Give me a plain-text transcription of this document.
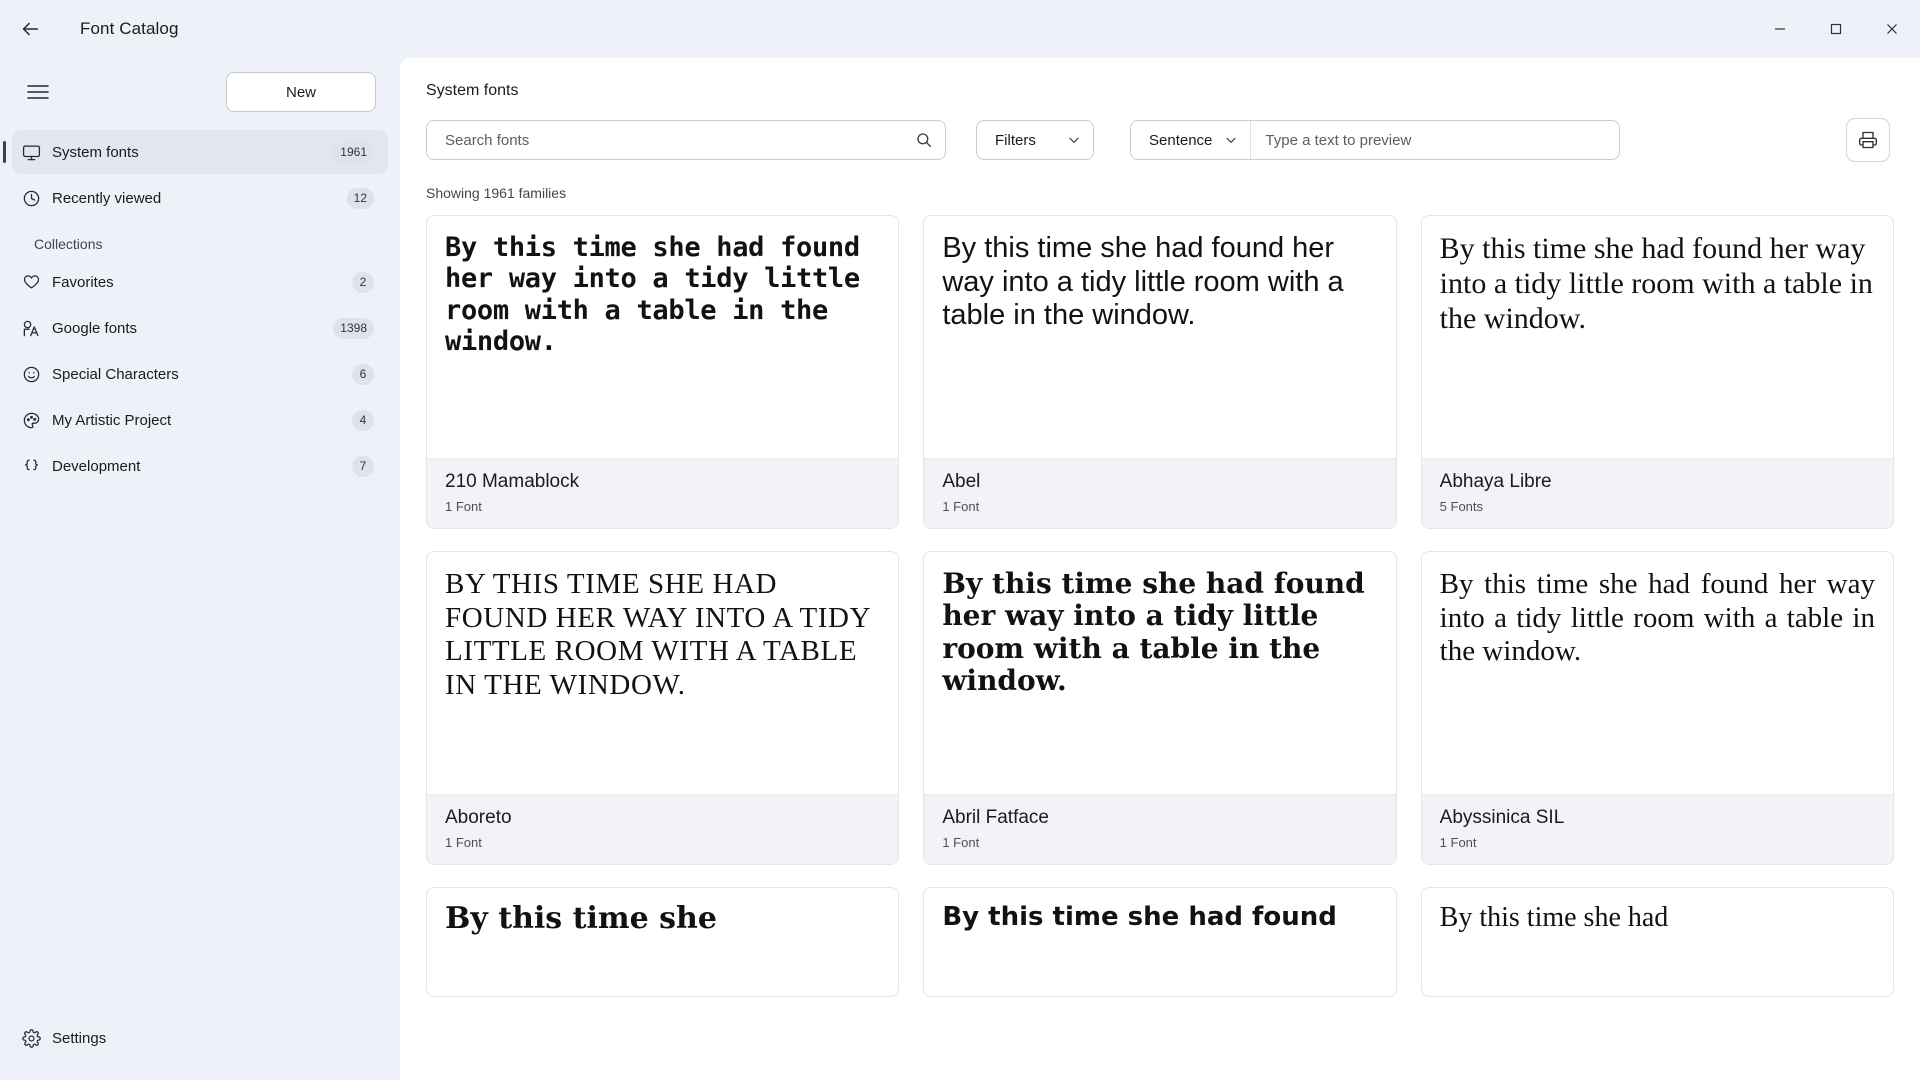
Font Catalog
New
System fonts	1961
Recently viewed	12
Collections
Favorites	2
Google fonts	1398
Special Characters	6
My Artistic Project	4
Development	7
Settings
System fonts
Search fonts
Filters	Sentence
Type a text to preview
Showing 1961 families
By this time she had found her way into a tidy little room with a table in the window.
210 Mamablock
1 Font
By this time she had found her way into a tidy little room with a table in the window.
Abel
1 Font
By this time she had found her way into a tidy little room with a table in the window.
Abhaya Libre
5 Fonts
BY THIS TIME SHE HAD FOUND HER WAY INTO A TIDY LITTLE ROOM WITH A TABLE IN THE WINDOW.
Aboreto
1 Font
By this time she had found her way into a tidy little room with a table in the window.
Abril Fatface
1 Font
By this time she had found her way into a tidy little room with a table in the window.
Abyssinica SIL
1 Font
By this time she	By this time she had found	By this time she had
